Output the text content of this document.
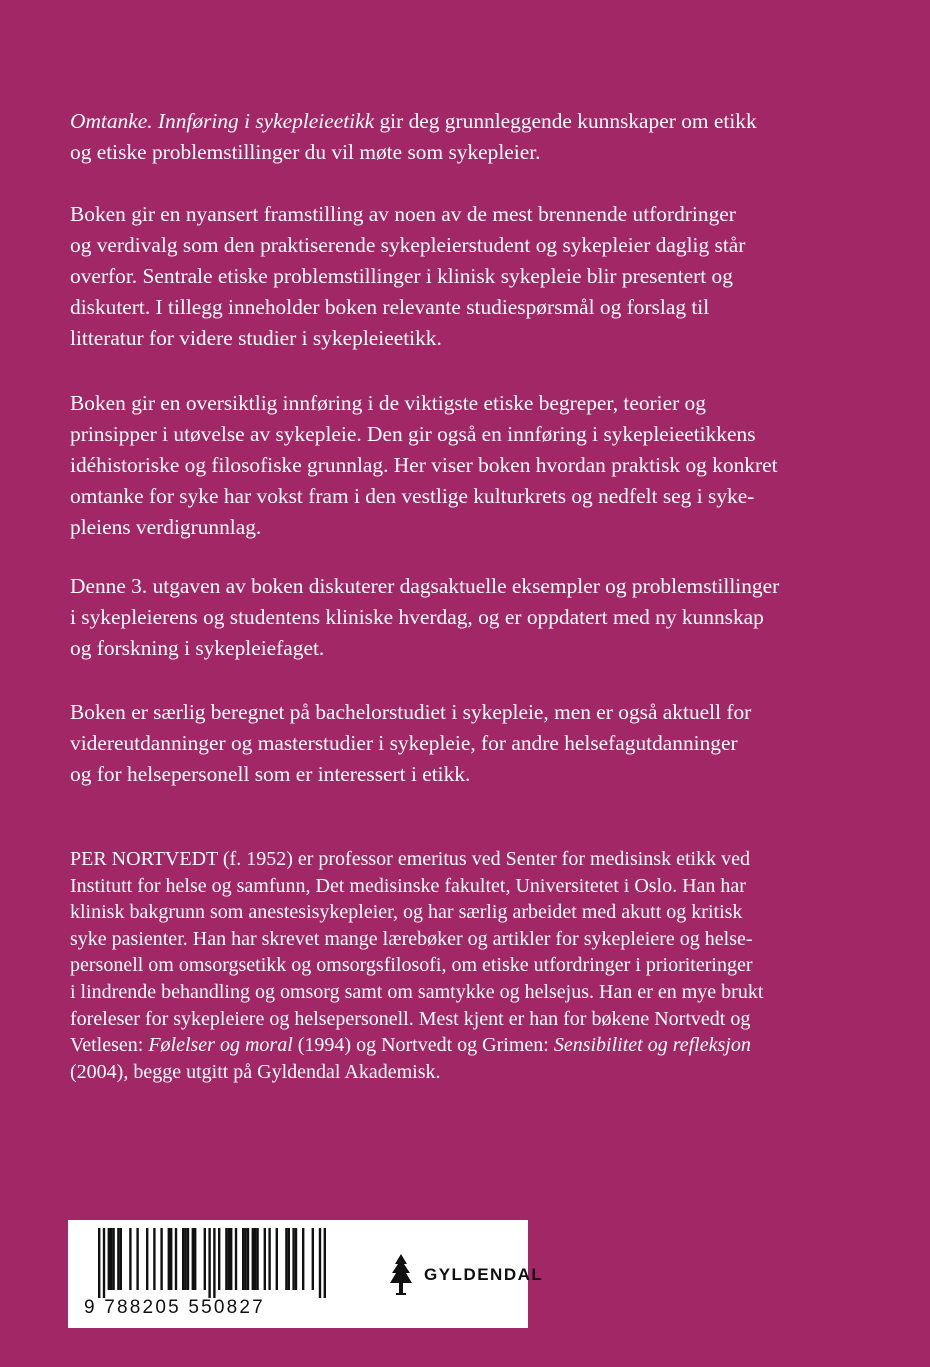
Omtanke. Innføring i sykepleieetikk gir deg grunnleggende kunnskaper om etikk
og etiske problemstillinger du vil møte som sykepleier.

Boken gir en nyansert framstilling av noen av de mest brennende utfordringer
og verdivalg som den praktiserende sykepleierstudent og sykepleier daglig står
overfor. Sentrale etiske problemstillinger i klinisk sykepleie blir presentert og
diskutert. I tillegg inneholder boken relevante studiespørsmål og forslag til
litteratur for videre studier i sykepleieetikk.

Boken gir en oversiktlig innføring i de viktigste etiske begreper, teorier og
prinsipper i utøvelse av sykepleie. Den gir også en innføring i sykepleieetikkens
idéhistoriske og filosofiske grunnlag. Her viser boken hvordan praktisk og konkret
omtanke for syke har vokst fram i den vestlige kulturkrets og nedfelt seg i syke-
pleiens verdigrunnlag.

Denne 3. utgaven av boken diskuterer dagsaktuelle eksempler og problemstillinger
i sykepleierens og studentens kliniske hverdag, og er oppdatert med ny kunnskap
og forskning i sykepleiefaget.

Boken er særlig beregnet på bachelorstudiet i sykepleie, men er også aktuell for
videreutdanninger og masterstudier i sykepleie, for andre helsefagutdanninger
og for helsepersonell som er interessert i etikk.

PER NORTVEDT (f. 1952) er professor emeritus ved Senter for medisinsk etikk ved
Institutt for helse og samfunn, Det medisinske fakultet, Universitetet i Oslo. Han har
klinisk bakgrunn som anestesisykepleier, og har særlig arbeidet med akutt og kritisk
syke pasienter. Han har skrevet mange lærebøker og artikler for sykepleiere og helse-
personell om omsorgsetikk og omsorgsfilosofi, om etiske utfordringer i prioriteringer
i lindrende behandling og omsorg samt om samtykke og helsejus. Han er en mye brukt
foreleser for sykepleiere og helsepersonell. Mest kjent er han for bøkene Nortvedt og
Vetlesen: Følelser og moral (1994) og Nortvedt og Grimen: Sensibilitet og refleksjon
(2004), begge utgitt på Gyldendal Akademisk.

9 788205 550827
GYLDENDAL
